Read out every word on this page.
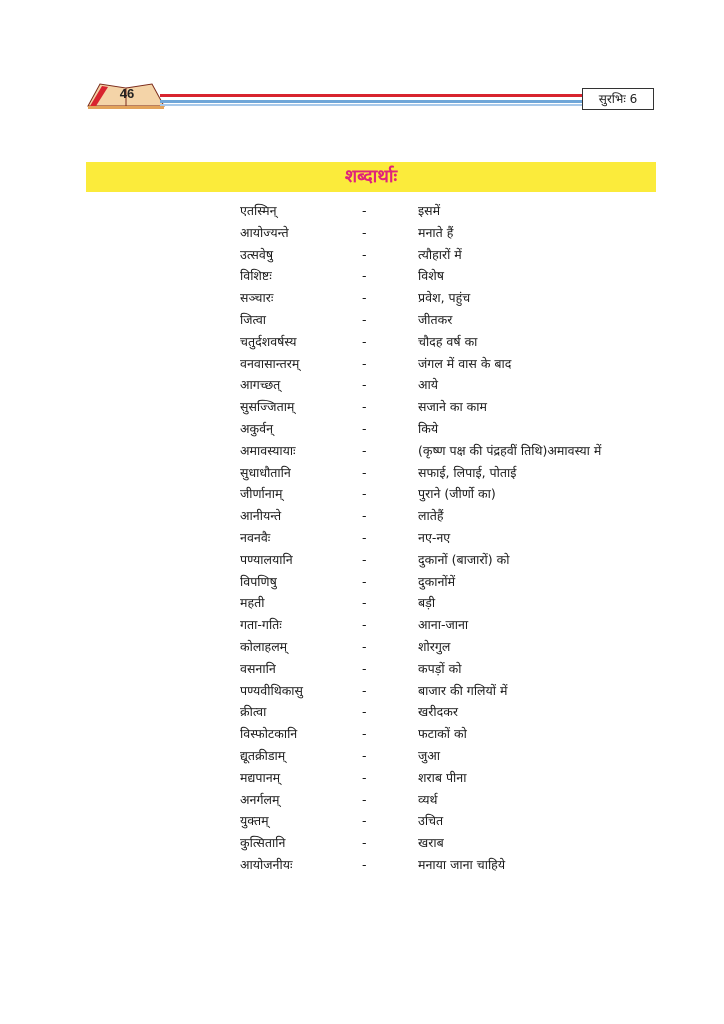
46	सुरभिः 6
शब्दार्थाः
एतस्मिन्	-	इसमें
आयोज्यन्ते	-	मनाते हैं
उत्सवेषु	-	त्यौहारों में
विशिष्टः	-	विशेष
सञ्चारः	-	प्रवेश, पहुंच
जित्वा	-	जीतकर
चतुर्दशवर्षस्य	-	चौदह वर्ष का
वनवासान्तरम्	-	जंगल में वास के बाद
आगच्छत्	-	आये
सुसज्जिताम्	-	सजाने का काम
अकुर्वन्	-	किये
अमावस्यायाः	-	(कृष्ण पक्ष की पंद्रहवीं तिथि)अमावस्या में
सुधाधौतानि	-	सफाई, लिपाई, पोताई
जीर्णानाम्	-	पुराने (जीर्णो का)
आनीयन्ते	-	लातेहैं
नवनवैः	-	नए-नए
पण्यालयानि	-	दुकानों (बाजारों) को
विपणिषु	-	दुकानोंमें
महती	-	बड़ी
गता-गतिः	-	आना-जाना
कोलाहलम्	-	शोरगुल
वसनानि	-	कपड़ों को
पण्यवीथिकासु	-	बाजार की गलियों में
क्रीत्वा	-	खरीदकर
विस्फोटकानि	-	फटाकों को
द्यूतक्रीडाम्	-	जुआ
मद्यपानम्	-	शराब पीना
अनर्गलम्	-	व्यर्थ
युक्तम्	-	उचित
कुत्सितानि	-	खराब
आयोजनीयः	-	मनाया जाना चाहिये
